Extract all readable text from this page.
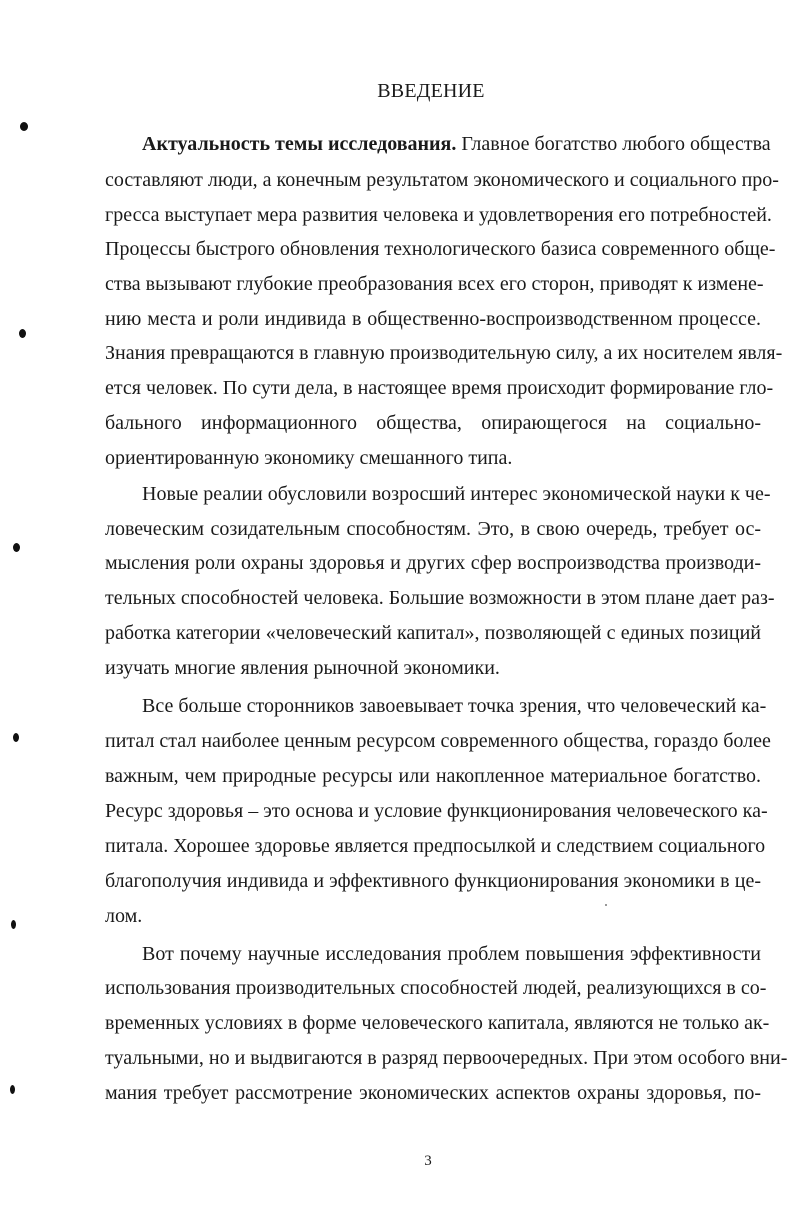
ВВЕДЕНИЕ
Актуальность темы исследования. Главное богатство любого общества
составляют люди, а конечным результатом экономического и социального про-
гресса выступает мера развития человека и удовлетворения его потребностей.
Процессы быстрого обновления технологического базиса современного обще-
ства вызывают глубокие преобразования всех его сторон, приводят к измене-
нию места и роли индивида в общественно-воспроизводственном процессе.
Знания превращаются в главную производительную силу, а их носителем явля-
ется человек. По сути дела, в настоящее время происходит формирование гло-
бального информационного общества, опирающегося на социально-
ориентированную экономику смешанного типа.
Новые реалии обусловили возросший интерес экономической науки к че-
ловеческим созидательным способностям. Это, в свою очередь, требует ос-
мысления роли охраны здоровья и других сфер воспроизводства производи-
тельных способностей человека. Большие возможности в этом плане дает раз-
работка категории «человеческий капитал», позволяющей с единых позиций
изучать многие явления рыночной экономики.
Все больше сторонников завоевывает точка зрения, что человеческий ка-
питал стал наиболее ценным ресурсом современного общества, гораздо более
важным, чем природные ресурсы или накопленное материальное богатство.
Ресурс здоровья – это основа и условие функционирования человеческого ка-
питала. Хорошее здоровье является предпосылкой и следствием социального
благополучия индивида и эффективного функционирования экономики в це-
лом.
Вот почему научные исследования проблем повышения эффективности
использования производительных способностей людей, реализующихся в со-
временных условиях в форме человеческого капитала, являются не только ак-
туальными, но и выдвигаются в разряд первоочередных. При этом особого вни-
мания требует рассмотрение экономических аспектов охраны здоровья, по-
3
